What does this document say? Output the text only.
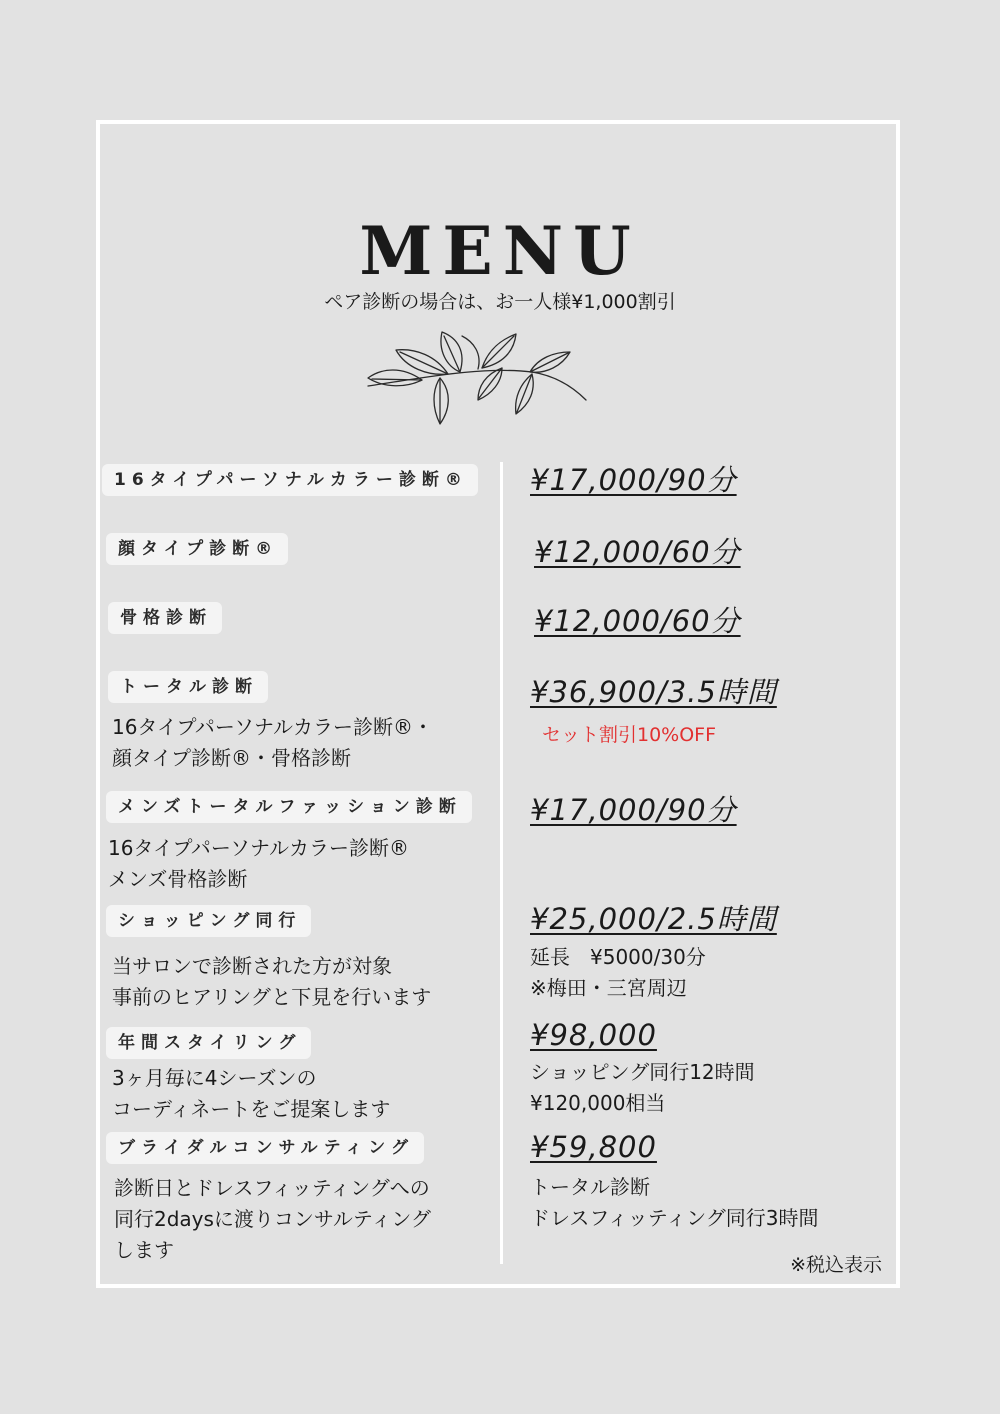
MENU
ペア診断の場合は、お一人様¥1,000割引
16タイプパーソナルカラー診断®	¥17,000/90分
顔タイプ診断®	¥12,000/60分
骨格診断	¥12,000/60分
トータル診断	¥36,900/3.5時間
16タイプパーソナルカラー診断®・
顔タイプ診断®・骨格診断
セット割引10%OFF
メンズトータルファッション診断	¥17,000/90分
16タイプパーソナルカラー診断®
メンズ骨格診断
ショッピング同行	¥25,000/2.5時間
当サロンで診断された方が対象
事前のヒアリングと下見を行います
延長　¥5000/30分
※梅田・三宮周辺
年間スタイリング	¥98,000
3ヶ月毎に4シーズンの
コーディネートをご提案します
ショッピング同行12時間
¥120,000相当
ブライダルコンサルティング	¥59,800
診断日とドレスフィッティングへの
同行2daysに渡りコンサルティング
します
トータル診断
ドレスフィッティング同行3時間
※税込表示
